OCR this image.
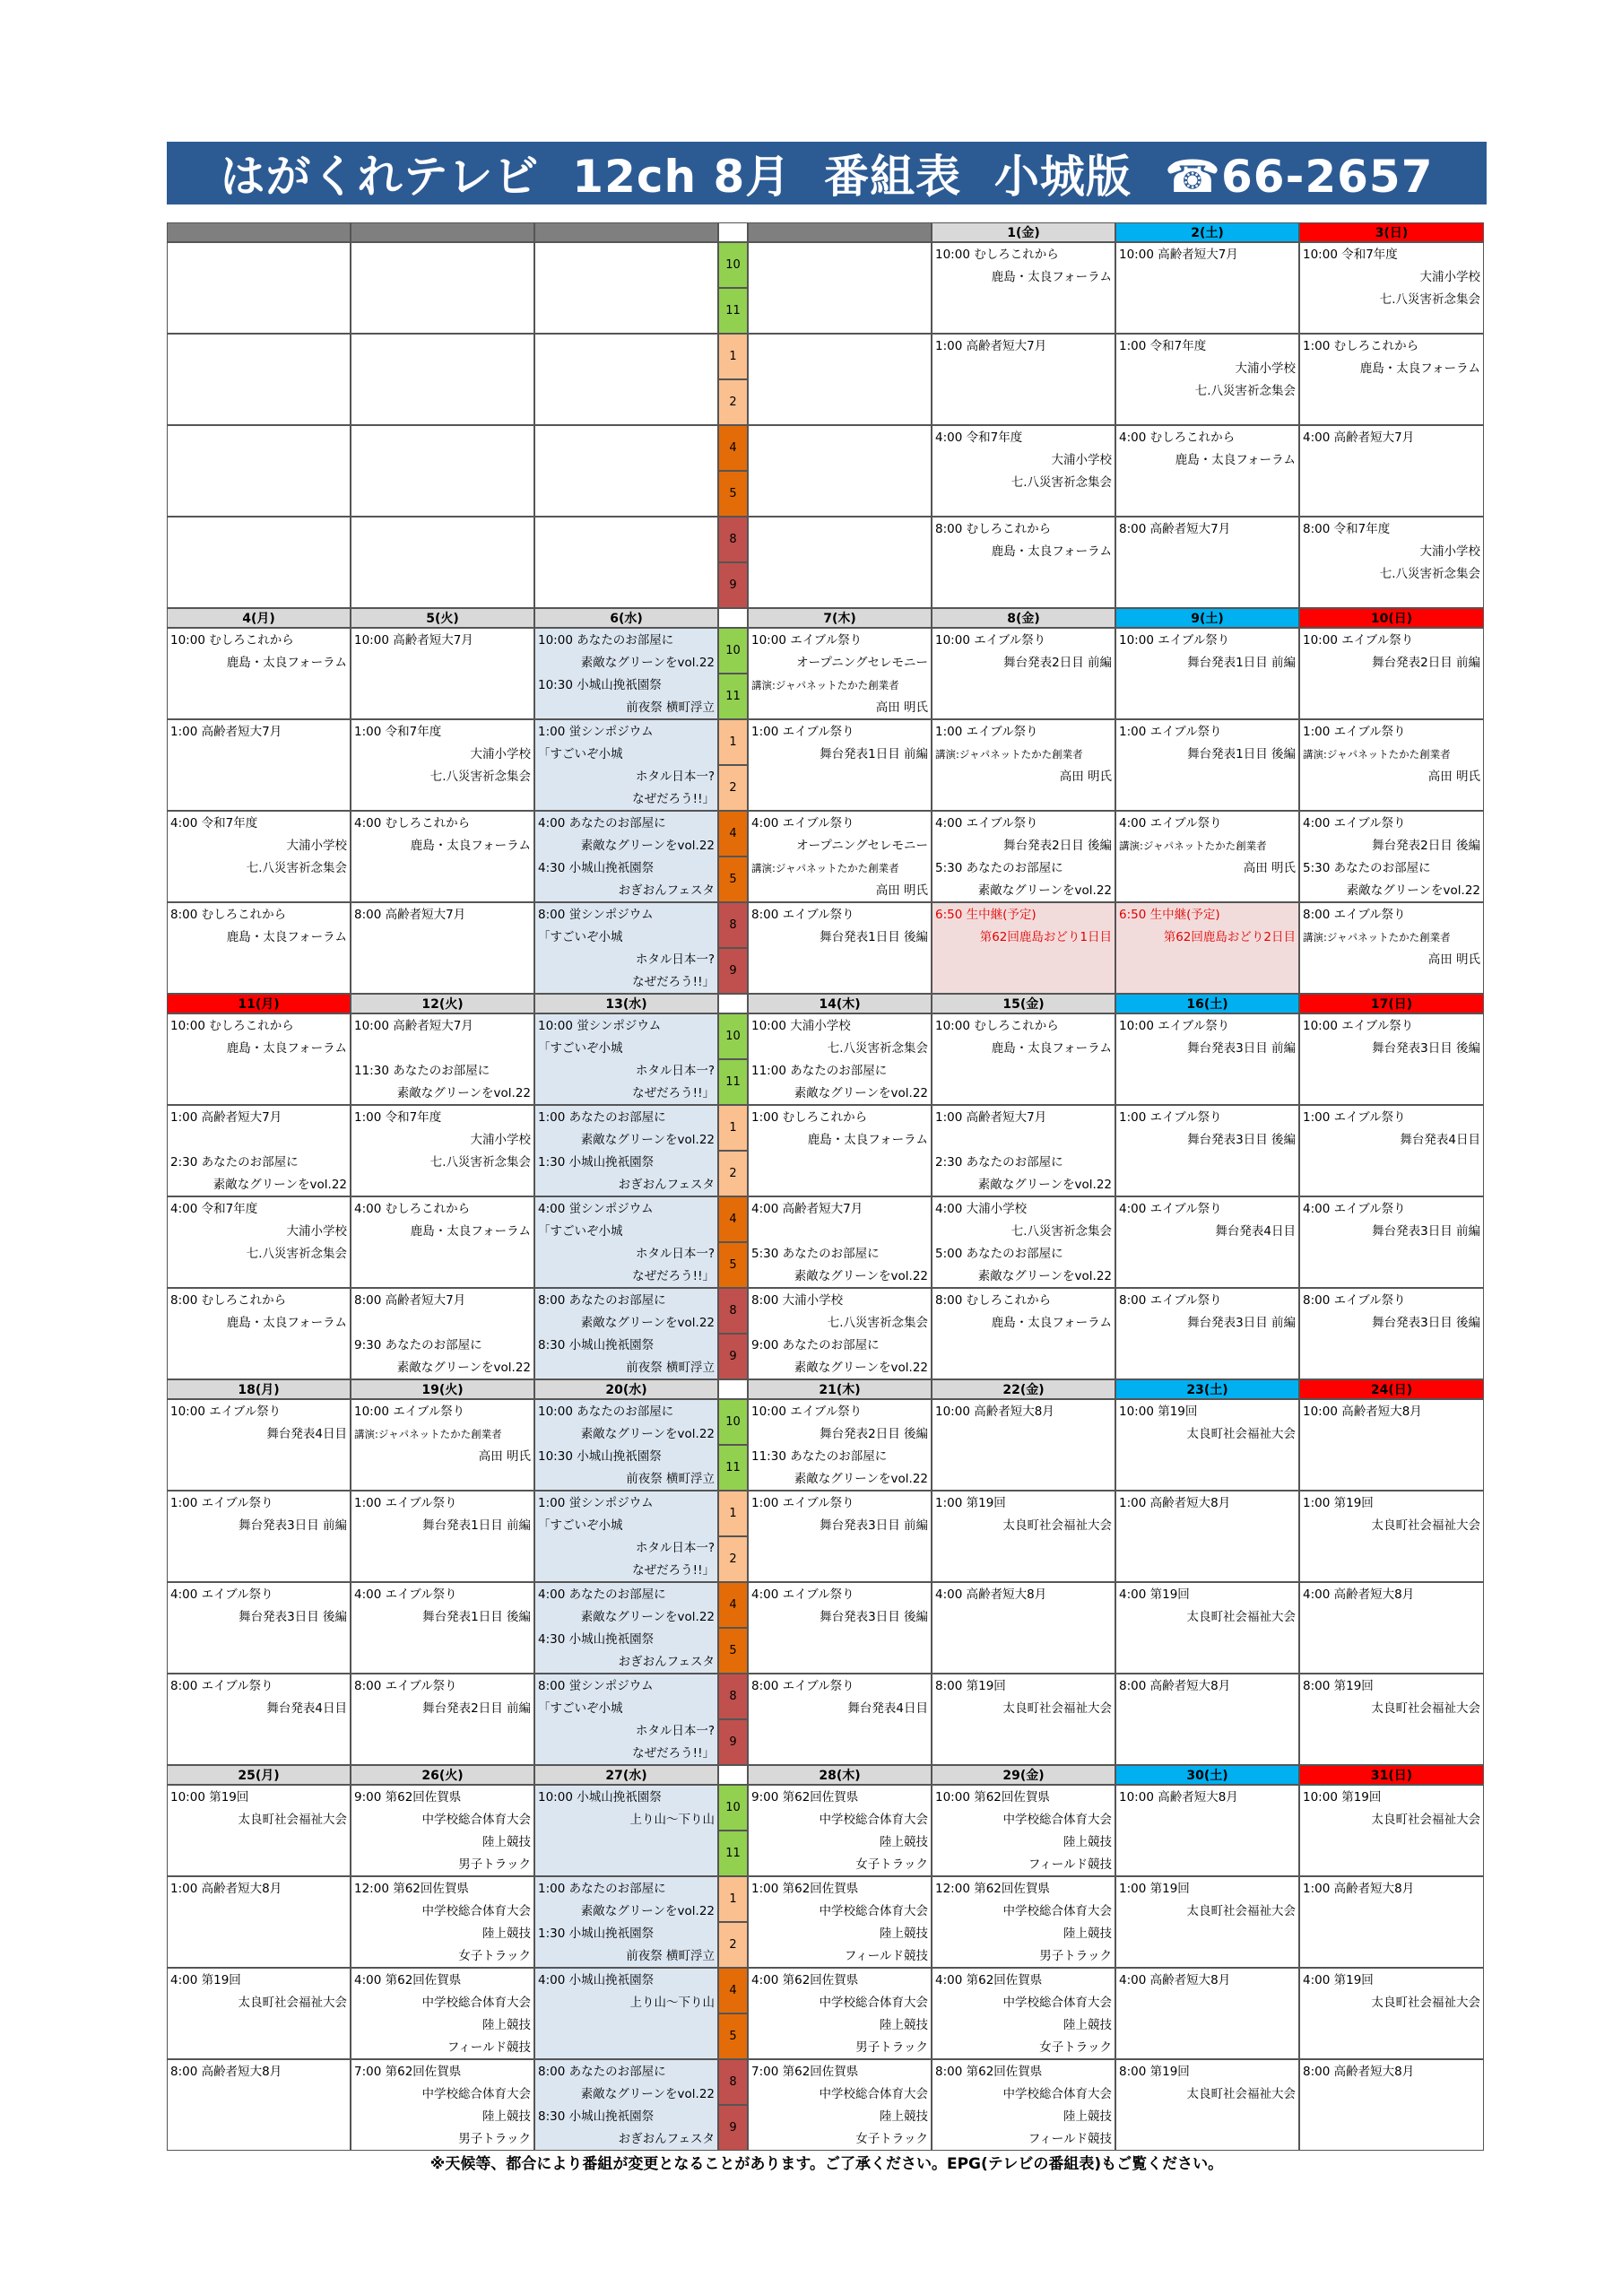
はがくれテレビ  12ch 8月  番組表  小城版  ☎66-2657
1(金)
10:00 むしろこれから
鹿島・太良フォーラム
1:00 高齢者短大7月
4:00 令和7年度
大浦小学校
七.八災害祈念集会
8:00 むしろこれから
鹿島・太良フォーラム
2(土)
10:00 高齢者短大7月
1:00 令和7年度
大浦小学校
七.八災害祈念集会
4:00 むしろこれから
鹿島・太良フォーラム
8:00 高齢者短大7月
3(日)
10:00 令和7年度
大浦小学校
七.八災害祈念集会
1:00 むしろこれから
鹿島・太良フォーラム
4:00 高齢者短大7月
8:00 令和7年度
大浦小学校
七.八災害祈念集会
10
11
1
2
4
5
8
9
4(月)
10:00 むしろこれから
鹿島・太良フォーラム
1:00 高齢者短大7月
4:00 令和7年度
大浦小学校
七.八災害祈念集会
8:00 むしろこれから
鹿島・太良フォーラム
5(火)
10:00 高齢者短大7月
1:00 令和7年度
大浦小学校
七.八災害祈念集会
4:00 むしろこれから
鹿島・太良フォーラム
8:00 高齢者短大7月
6(水)
10:00 あなたのお部屋に
素敵なグリーンをvol.22
10:30 小城山挽祇園祭
前夜祭 横町浮立
1:00 蛍シンポジウム
「すごいぞ小城
ホタル日本一?
なぜだろう!!」
4:00 あなたのお部屋に
素敵なグリーンをvol.22
4:30 小城山挽祇園祭
おぎおんフェスタ
8:00 蛍シンポジウム
「すごいぞ小城
ホタル日本一?
なぜだろう!!」
7(木)
10:00 エイブル祭り
オープニングセレモニー
講演:ジャパネットたかた創業者
高田 明氏
1:00 エイブル祭り
舞台発表1日目 前編
4:00 エイブル祭り
オープニングセレモニー
講演:ジャパネットたかた創業者
高田 明氏
8:00 エイブル祭り
舞台発表1日目 後編
8(金)
10:00 エイブル祭り
舞台発表2日目 前編
1:00 エイブル祭り
講演:ジャパネットたかた創業者
高田 明氏
4:00 エイブル祭り
舞台発表2日目 後編
5:30 あなたのお部屋に
素敵なグリーンをvol.22
6:50 生中継(予定)
第62回鹿島おどり1日目
9(土)
10:00 エイブル祭り
舞台発表1日目 前編
1:00 エイブル祭り
舞台発表1日目 後編
4:00 エイブル祭り
講演:ジャパネットたかた創業者
高田 明氏
6:50 生中継(予定)
第62回鹿島おどり2日目
10(日)
10:00 エイブル祭り
舞台発表2日目 前編
1:00 エイブル祭り
講演:ジャパネットたかた創業者
高田 明氏
4:00 エイブル祭り
舞台発表2日目 後編
5:30 あなたのお部屋に
素敵なグリーンをvol.22
8:00 エイブル祭り
講演:ジャパネットたかた創業者
高田 明氏
10
11
1
2
4
5
8
9
11(月)
10:00 むしろこれから
鹿島・太良フォーラム
1:00 高齢者短大7月
2:30 あなたのお部屋に
素敵なグリーンをvol.22
4:00 令和7年度
大浦小学校
七.八災害祈念集会
8:00 むしろこれから
鹿島・太良フォーラム
12(火)
10:00 高齢者短大7月
11:30 あなたのお部屋に
素敵なグリーンをvol.22
1:00 令和7年度
大浦小学校
七.八災害祈念集会
4:00 むしろこれから
鹿島・太良フォーラム
8:00 高齢者短大7月
9:30 あなたのお部屋に
素敵なグリーンをvol.22
13(水)
10:00 蛍シンポジウム
「すごいぞ小城
ホタル日本一?
なぜだろう!!」
1:00 あなたのお部屋に
素敵なグリーンをvol.22
1:30 小城山挽祇園祭
おぎおんフェスタ
4:00 蛍シンポジウム
「すごいぞ小城
ホタル日本一?
なぜだろう!!」
8:00 あなたのお部屋に
素敵なグリーンをvol.22
8:30 小城山挽祇園祭
前夜祭 横町浮立
14(木)
10:00 大浦小学校
七.八災害祈念集会
11:00 あなたのお部屋に
素敵なグリーンをvol.22
1:00 むしろこれから
鹿島・太良フォーラム
4:00 高齢者短大7月
5:30 あなたのお部屋に
素敵なグリーンをvol.22
8:00 大浦小学校
七.八災害祈念集会
9:00 あなたのお部屋に
素敵なグリーンをvol.22
15(金)
10:00 むしろこれから
鹿島・太良フォーラム
1:00 高齢者短大7月
2:30 あなたのお部屋に
素敵なグリーンをvol.22
4:00 大浦小学校
七.八災害祈念集会
5:00 あなたのお部屋に
素敵なグリーンをvol.22
8:00 むしろこれから
鹿島・太良フォーラム
16(土)
10:00 エイブル祭り
舞台発表3日目 前編
1:00 エイブル祭り
舞台発表3日目 後編
4:00 エイブル祭り
舞台発表4日目
8:00 エイブル祭り
舞台発表3日目 前編
17(日)
10:00 エイブル祭り
舞台発表3日目 後編
1:00 エイブル祭り
舞台発表4日目
4:00 エイブル祭り
舞台発表3日目 前編
8:00 エイブル祭り
舞台発表3日目 後編
10
11
1
2
4
5
8
9
18(月)
10:00 エイブル祭り
舞台発表4日目
1:00 エイブル祭り
舞台発表3日目 前編
4:00 エイブル祭り
舞台発表3日目 後編
8:00 エイブル祭り
舞台発表4日目
19(火)
10:00 エイブル祭り
講演:ジャパネットたかた創業者
高田 明氏
1:00 エイブル祭り
舞台発表1日目 前編
4:00 エイブル祭り
舞台発表1日目 後編
8:00 エイブル祭り
舞台発表2日目 前編
20(水)
10:00 あなたのお部屋に
素敵なグリーンをvol.22
10:30 小城山挽祇園祭
前夜祭 横町浮立
1:00 蛍シンポジウム
「すごいぞ小城
ホタル日本一?
なぜだろう!!」
4:00 あなたのお部屋に
素敵なグリーンをvol.22
4:30 小城山挽祇園祭
おぎおんフェスタ
8:00 蛍シンポジウム
「すごいぞ小城
ホタル日本一?
なぜだろう!!」
21(木)
10:00 エイブル祭り
舞台発表2日目 後編
11:30 あなたのお部屋に
素敵なグリーンをvol.22
1:00 エイブル祭り
舞台発表3日目 前編
4:00 エイブル祭り
舞台発表3日目 後編
8:00 エイブル祭り
舞台発表4日目
22(金)
10:00 高齢者短大8月
1:00 第19回
太良町社会福祉大会
4:00 高齢者短大8月
8:00 第19回
太良町社会福祉大会
23(土)
10:00 第19回
太良町社会福祉大会
1:00 高齢者短大8月
4:00 第19回
太良町社会福祉大会
8:00 高齢者短大8月
24(日)
10:00 高齢者短大8月
1:00 第19回
太良町社会福祉大会
4:00 高齢者短大8月
8:00 第19回
太良町社会福祉大会
10
11
1
2
4
5
8
9
25(月)
10:00 第19回
太良町社会福祉大会
1:00 高齢者短大8月
4:00 第19回
太良町社会福祉大会
8:00 高齢者短大8月
26(火)
9:00 第62回佐賀県
中学校総合体育大会
陸上競技
男子トラック
12:00 第62回佐賀県
中学校総合体育大会
陸上競技
女子トラック
4:00 第62回佐賀県
中学校総合体育大会
陸上競技
フィールド競技
7:00 第62回佐賀県
中学校総合体育大会
陸上競技
男子トラック
27(水)
10:00 小城山挽祇園祭
上り山～下り山
1:00 あなたのお部屋に
素敵なグリーンをvol.22
1:30 小城山挽祇園祭
前夜祭 横町浮立
4:00 小城山挽祇園祭
上り山～下り山
8:00 あなたのお部屋に
素敵なグリーンをvol.22
8:30 小城山挽祇園祭
おぎおんフェスタ
28(木)
9:00 第62回佐賀県
中学校総合体育大会
陸上競技
女子トラック
1:00 第62回佐賀県
中学校総合体育大会
陸上競技
フィールド競技
4:00 第62回佐賀県
中学校総合体育大会
陸上競技
男子トラック
7:00 第62回佐賀県
中学校総合体育大会
陸上競技
女子トラック
29(金)
10:00 第62回佐賀県
中学校総合体育大会
陸上競技
フィールド競技
12:00 第62回佐賀県
中学校総合体育大会
陸上競技
男子トラック
4:00 第62回佐賀県
中学校総合体育大会
陸上競技
女子トラック
8:00 第62回佐賀県
中学校総合体育大会
陸上競技
フィールド競技
30(土)
10:00 高齢者短大8月
1:00 第19回
太良町社会福祉大会
4:00 高齢者短大8月
8:00 第19回
太良町社会福祉大会
31(日)
10:00 第19回
太良町社会福祉大会
1:00 高齢者短大8月
4:00 第19回
太良町社会福祉大会
8:00 高齢者短大8月
10
11
1
2
4
5
8
9
※天候等、都合により番組が変更となることがあります。ご了承ください。EPG(テレビの番組表)もご覧ください。
